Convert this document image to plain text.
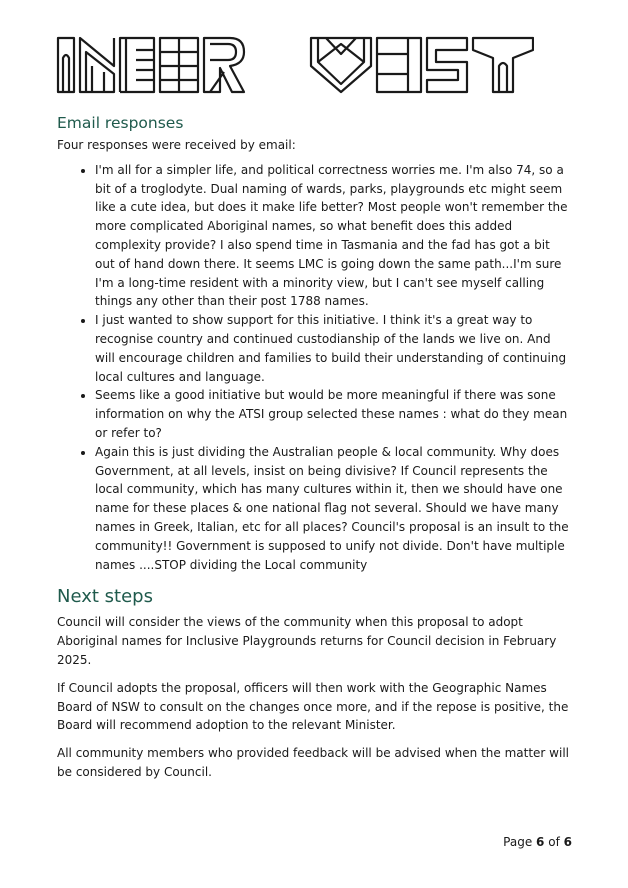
Email responses

Four responses were received by email:

• I'm all for a simpler life, and political correctness worries me. I'm also 74, so a bit of a troglodyte. Dual naming of wards, parks, playgrounds etc might seem like a cute idea, but does it make life better? Most people won't remember the more complicated Aboriginal names, so what benefit does this added complexity provide? I also spend time in Tasmania and the fad has got a bit out of hand down there. It seems LMC is going down the same path...I'm sure I'm a long-time resident with a minority view, but I can't see myself calling things any other than their post 1788 names.
• I just wanted to show support for this initiative. I think it's a great way to recognise country and continued custodianship of the lands we live on. And will encourage children and families to build their understanding of continuing local cultures and language.
• Seems like a good initiative but would be more meaningful if there was sone information on why the ATSI group selected these names : what do they mean or refer to?
• Again this is just dividing the Australian people & local community. Why does Government, at all levels, insist on being divisive? If Council represents the local community, which has many cultures within it, then we should have one name for these places & one national flag not several. Should we have many names in Greek, Italian, etc for all places? Council's proposal is an insult to the community!! Government is supposed to unify not divide. Don't have multiple names ....STOP dividing the Local community
Next steps

Council will consider the views of the community when this proposal to adopt Aboriginal names for Inclusive Playgrounds returns for Council decision in February 2025.

If Council adopts the proposal, officers will then work with the Geographic Names Board of NSW to consult on the changes once more, and if the repose is positive, the Board will recommend adoption to the relevant Minister.

All community members who provided feedback will be advised when the matter will be considered by Council.

Page 6 of 6
